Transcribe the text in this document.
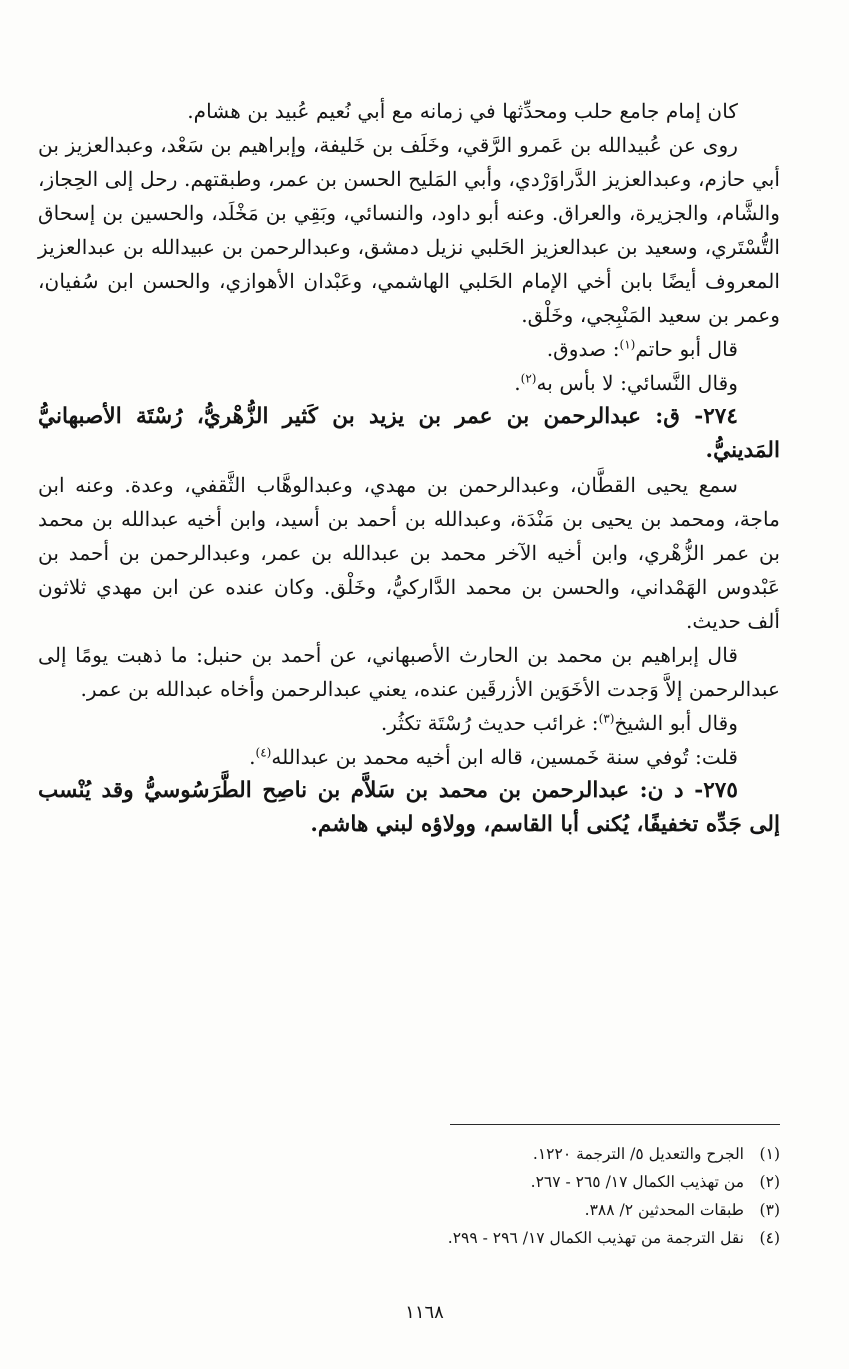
كان إمام جامع حلب ومحدِّثها في زمانه مع أبي نُعيم عُبيد بن هشام.

روى عن عُبيدالله بن عَمرو الرَّقي، وخَلَف بن خَليفة، وإبراهيم بن سَعْد، وعبدالعزيز بن أبي حازم، وعبدالعزيز الدَّراوَرْدي، وأبي المَليح الحسن بن عمر، وطبقتهم. رحل إلى الحِجاز، والشَّام، والجزيرة، والعراق. وعنه أبو داود، والنسائي، وبَقِي بن مَخْلَد، والحسين بن إسحاق التُّسْتَري، وسعيد بن عبدالعزيز الحَلبي نزيل دمشق، وعبدالرحمن بن عبيدالله بن عبدالعزيز المعروف أيضًا بابن أخي الإمام الحَلبي الهاشمي، وعَبْدان الأهوازي، والحسن ابن سُفيان، وعمر بن سعيد المَنْبِجي، وخَلْق.

قال أبو حاتم$^{(١)}$: صدوق.

وقال النَّسائي: لا بأس به$^{(٢)}$.

٢٧٤- ق: عبدالرحمن بن عمر بن يزيد بن كَثير الزُّهْريُّ، رُسْتَة الأصبهانيُّ المَدينيُّ.

سمع يحيى القطَّان، وعبدالرحمن بن مهدي، وعبدالوهَّاب الثَّقفي، وعدة. وعنه ابن ماجة، ومحمد بن يحيى بن مَنْدَة، وعبدالله بن أحمد بن أسيد، وابن أخيه عبدالله بن محمد بن عمر الزُّهْري، وابن أخيه الآخر محمد بن عبدالله بن عمر، وعبدالرحمن بن أحمد بن عَبْدوس الهَمْداني، والحسن بن محمد الدَّاركيُّ، وخَلْق. وكان عنده عن ابن مهدي ثلاثون ألف حديث.

قال إبراهيم بن محمد بن الحارث الأصبهاني، عن أحمد بن حنبل: ما ذهبت يومًا إلى عبدالرحمن إلاَّ وَجدت الأخَوَين الأزرقَين عنده، يعني عبدالرحمن وأخاه عبدالله بن عمر.

وقال أبو الشيخ$^{(٣)}$: غرائب حديث رُسْتَة تكثُر.

قلت: تُوفي سنة خَمسين، قاله ابن أخيه محمد بن عبدالله$^{(٤)}$.

٢٧٥- د ن: عبدالرحمن بن محمد بن سَلاَّم بن ناصِح الطَّرَسُوسيُّ وقد يُنْسب إلى جَدِّه تخفيفًا، يُكنى أبا القاسم، وولاؤه لبني هاشم.

(١)
الجرح والتعديل ٥/ الترجمة ١٢٢٠.
(٢)
من تهذيب الكمال ١٧/ ٢٦٥ - ٢٦٧.
(٣)
طبقات المحدثين ٢/ ٣٨٨.
(٤)
نقل الترجمة من تهذيب الكمال ١٧/ ٢٩٦ - ٢٩٩.
١١٦٨
